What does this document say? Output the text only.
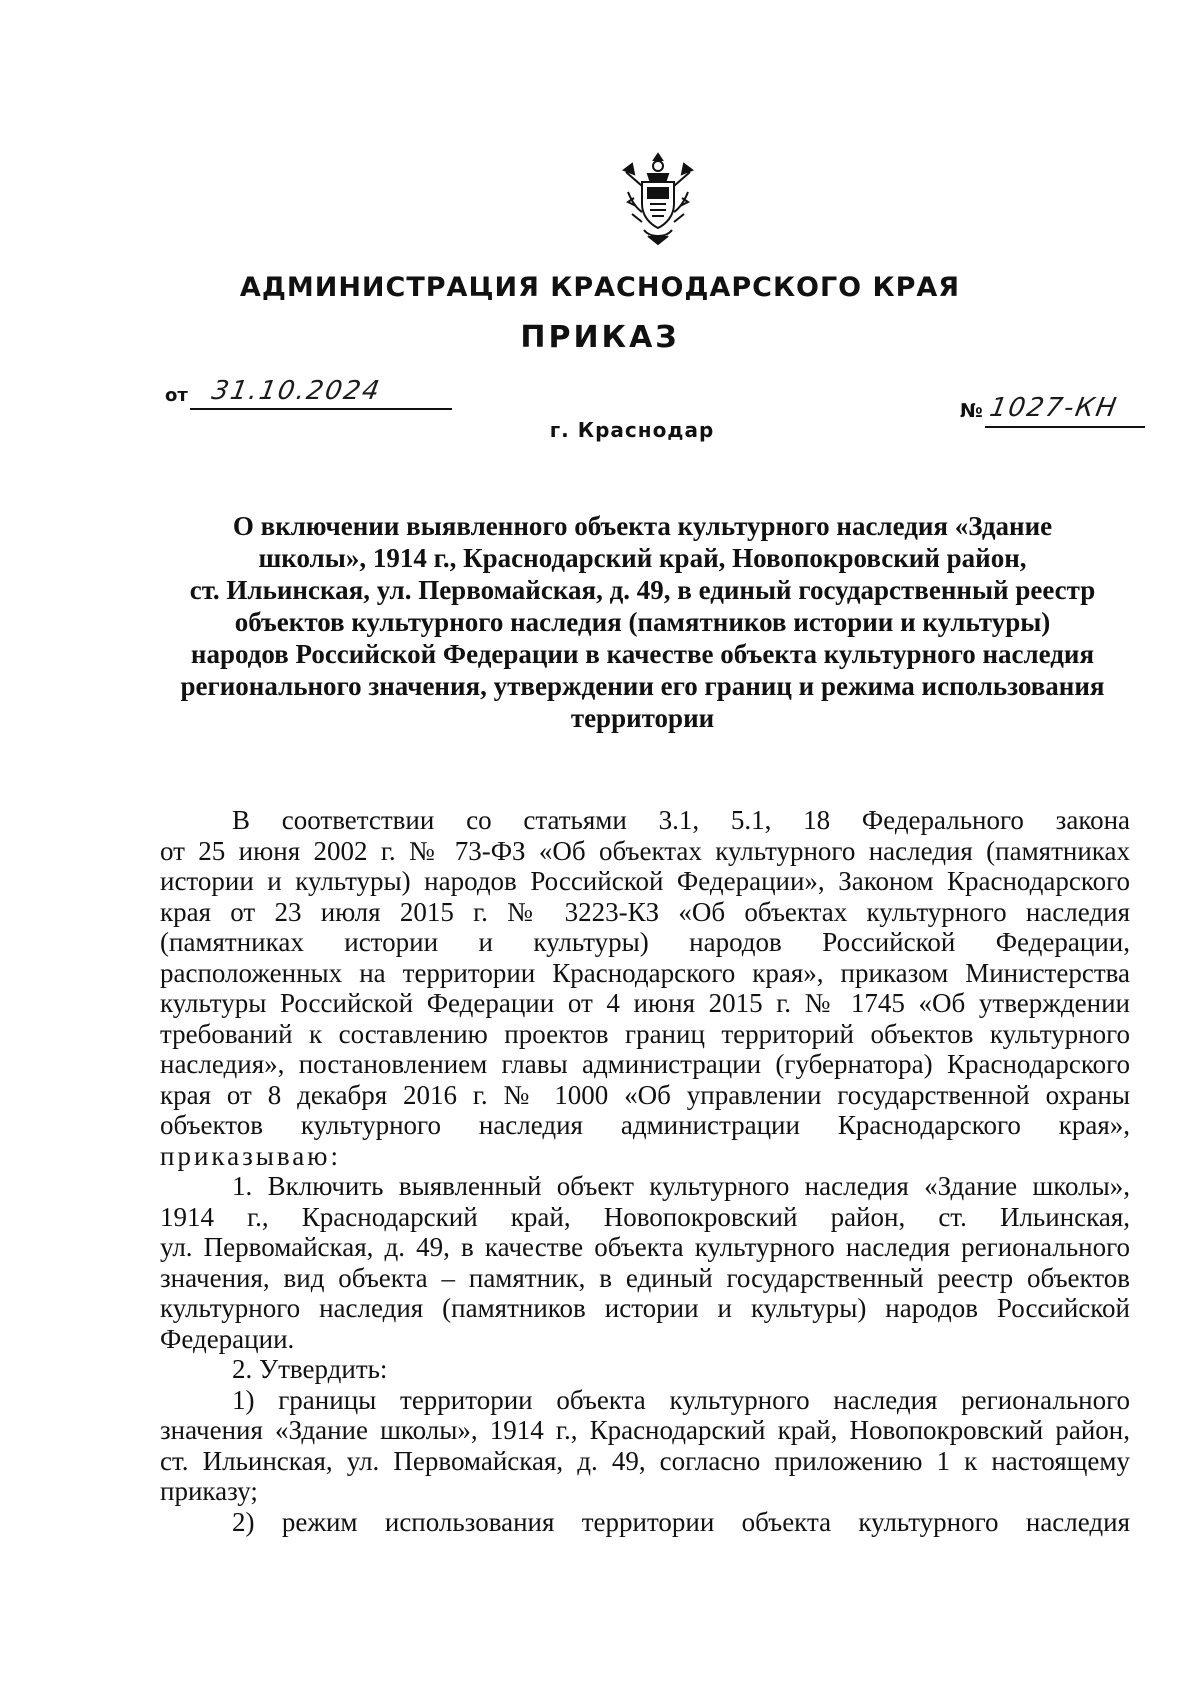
АДМИНИСТРАЦИЯ КРАСНОДАРСКОГО КРАЯ
ПРИКАЗ
от 31.10.2024
№ 1027-КН
г. Краснодар
О включении выявленного объекта культурного наследия «Здание
школы», 1914 г., Краснодарский край, Новопокровский район,
ст. Ильинская, ул. Первомайская, д. 49, в единый государственный реестр
объектов культурного наследия (памятников истории и культуры)
народов Российской Федерации в качестве объекта культурного наследия
регионального значения, утверждении его границ и режима использования
территории
В соответствии со статьями 3.1, 5.1, 18 Федерального закона
от 25 июня 2002 г. № 73-ФЗ «Об объектах культурного наследия (памятниках
истории и культуры) народов Российской Федерации», Законом Краснодарского
края от 23 июля 2015 г. № 3223-КЗ «Об объектах культурного наследия
(памятниках истории и культуры) народов Российской Федерации,
расположенных на территории Краснодарского края», приказом Министерства
культуры Российской Федерации от 4 июня 2015 г. № 1745 «Об утверждении
требований к составлению проектов границ территорий объектов культурного
наследия», постановлением главы администрации (губернатора) Краснодарского
края от 8 декабря 2016 г. № 1000 «Об управлении государственной охраны
объектов культурного наследия администрации Краснодарского края»,
приказываю:
1. Включить выявленный объект культурного наследия «Здание школы»,
1914 г., Краснодарский край, Новопокровский район, ст. Ильинская,
ул. Первомайская, д. 49, в качестве объекта культурного наследия регионального
значения, вид объекта – памятник, в единый государственный реестр объектов
культурного наследия (памятников истории и культуры) народов Российской
Федерации.
2. Утвердить:
1) границы территории объекта культурного наследия регионального
значения «Здание школы», 1914 г., Краснодарский край, Новопокровский район,
ст. Ильинская, ул. Первомайская, д. 49, согласно приложению 1 к настоящему
приказу;
2) режим использования территории объекта культурного наследия
